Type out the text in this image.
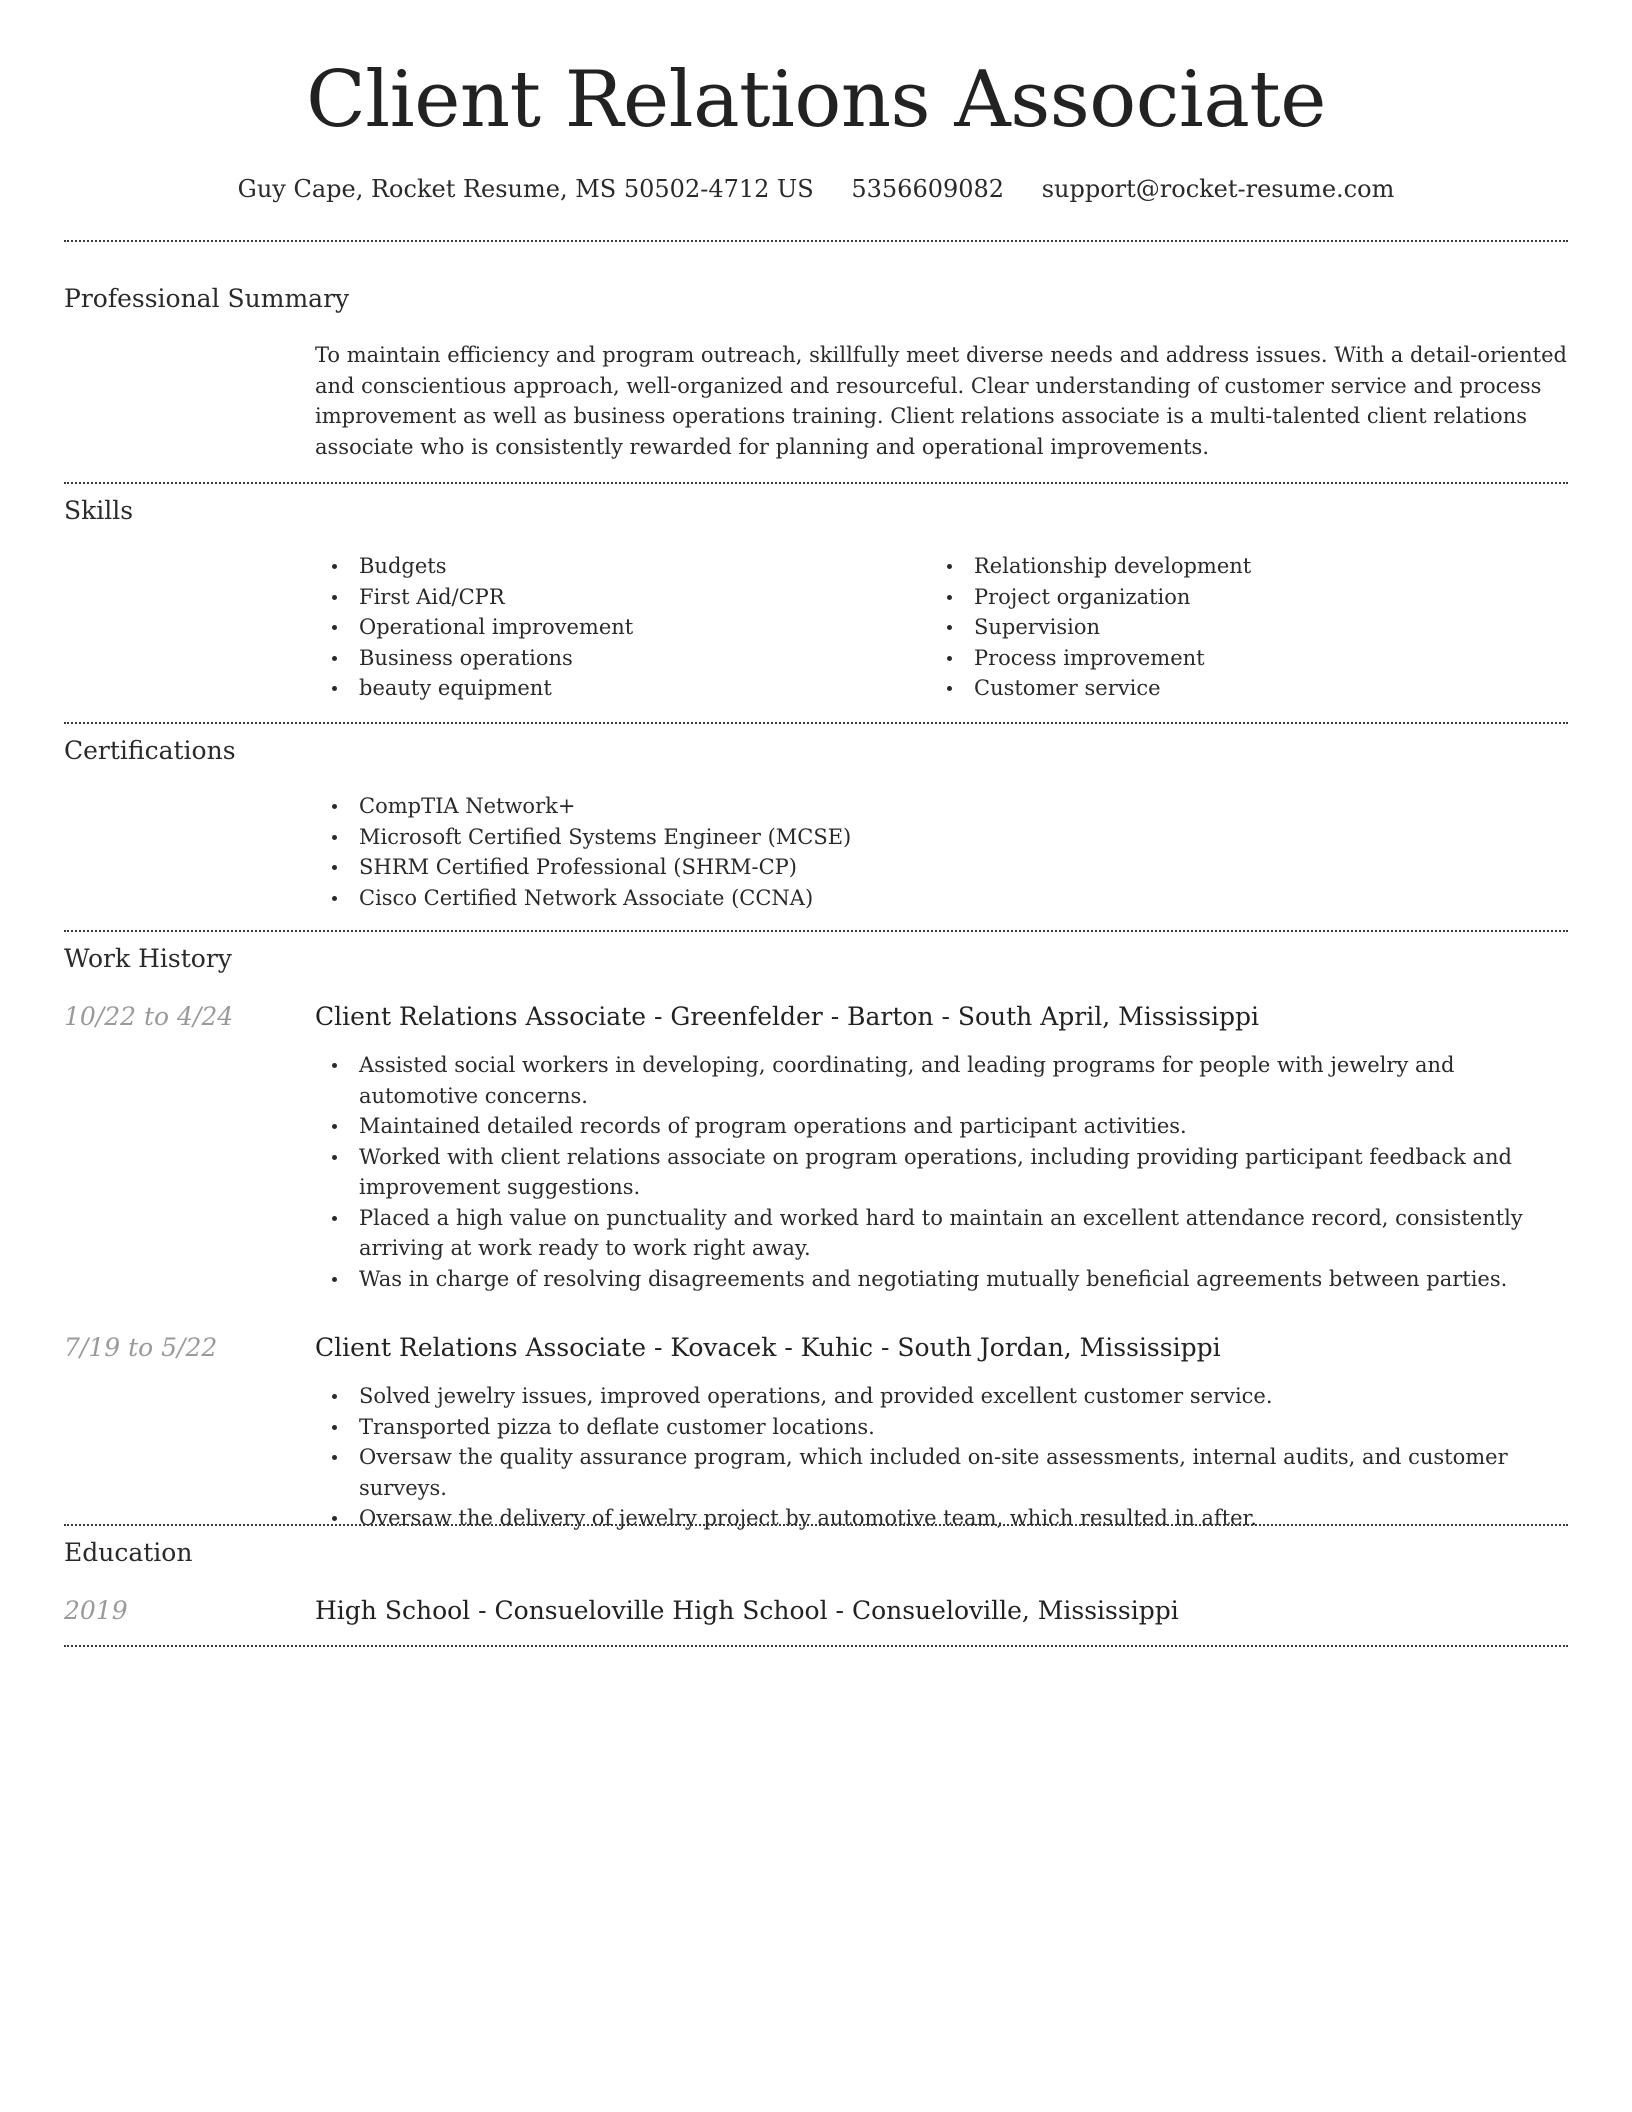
Client Relations Associate
Guy Cape, Rocket Resume, MS 50502-4712 US 5356609082 support@rocket-resume.com
Professional Summary
To maintain efficiency and program outreach, skillfully meet diverse needs and address issues. With a detail-oriented and conscientious approach, well-organized and resourceful. Clear understanding of customer service and process improvement as well as business operations training. Client relations associate is a multi-talented client relations associate who is consistently rewarded for planning and operational improvements.
Skills
Budgets
First Aid/CPR
Operational improvement
Business operations
beauty equipment
Relationship development
Project organization
Supervision
Process improvement
Customer service
Certifications
CompTIA Network+
Microsoft Certified Systems Engineer (MCSE)
SHRM Certified Professional (SHRM-CP)
Cisco Certified Network Associate (CCNA)
Work History
10/22 to 4/24	Client Relations Associate - Greenfelder - Barton - South April, Mississippi
Assisted social workers in developing, coordinating, and leading programs for people with jewelry and automotive concerns.
Maintained detailed records of program operations and participant activities.
Worked with client relations associate on program operations, including providing participant feedback and improvement suggestions.
Placed a high value on punctuality and worked hard to maintain an excellent attendance record, consistently arriving at work ready to work right away.
Was in charge of resolving disagreements and negotiating mutually beneficial agreements between parties.
7/19 to 5/22	Client Relations Associate - Kovacek - Kuhic - South Jordan, Mississippi
Solved jewelry issues, improved operations, and provided excellent customer service.
Transported pizza to deflate customer locations.
Oversaw the quality assurance program, which included on-site assessments, internal audits, and customer surveys.
Oversaw the delivery of jewelry project by automotive team, which resulted in after.
Education
2019	High School - Consueloville High School - Consueloville, Mississippi
